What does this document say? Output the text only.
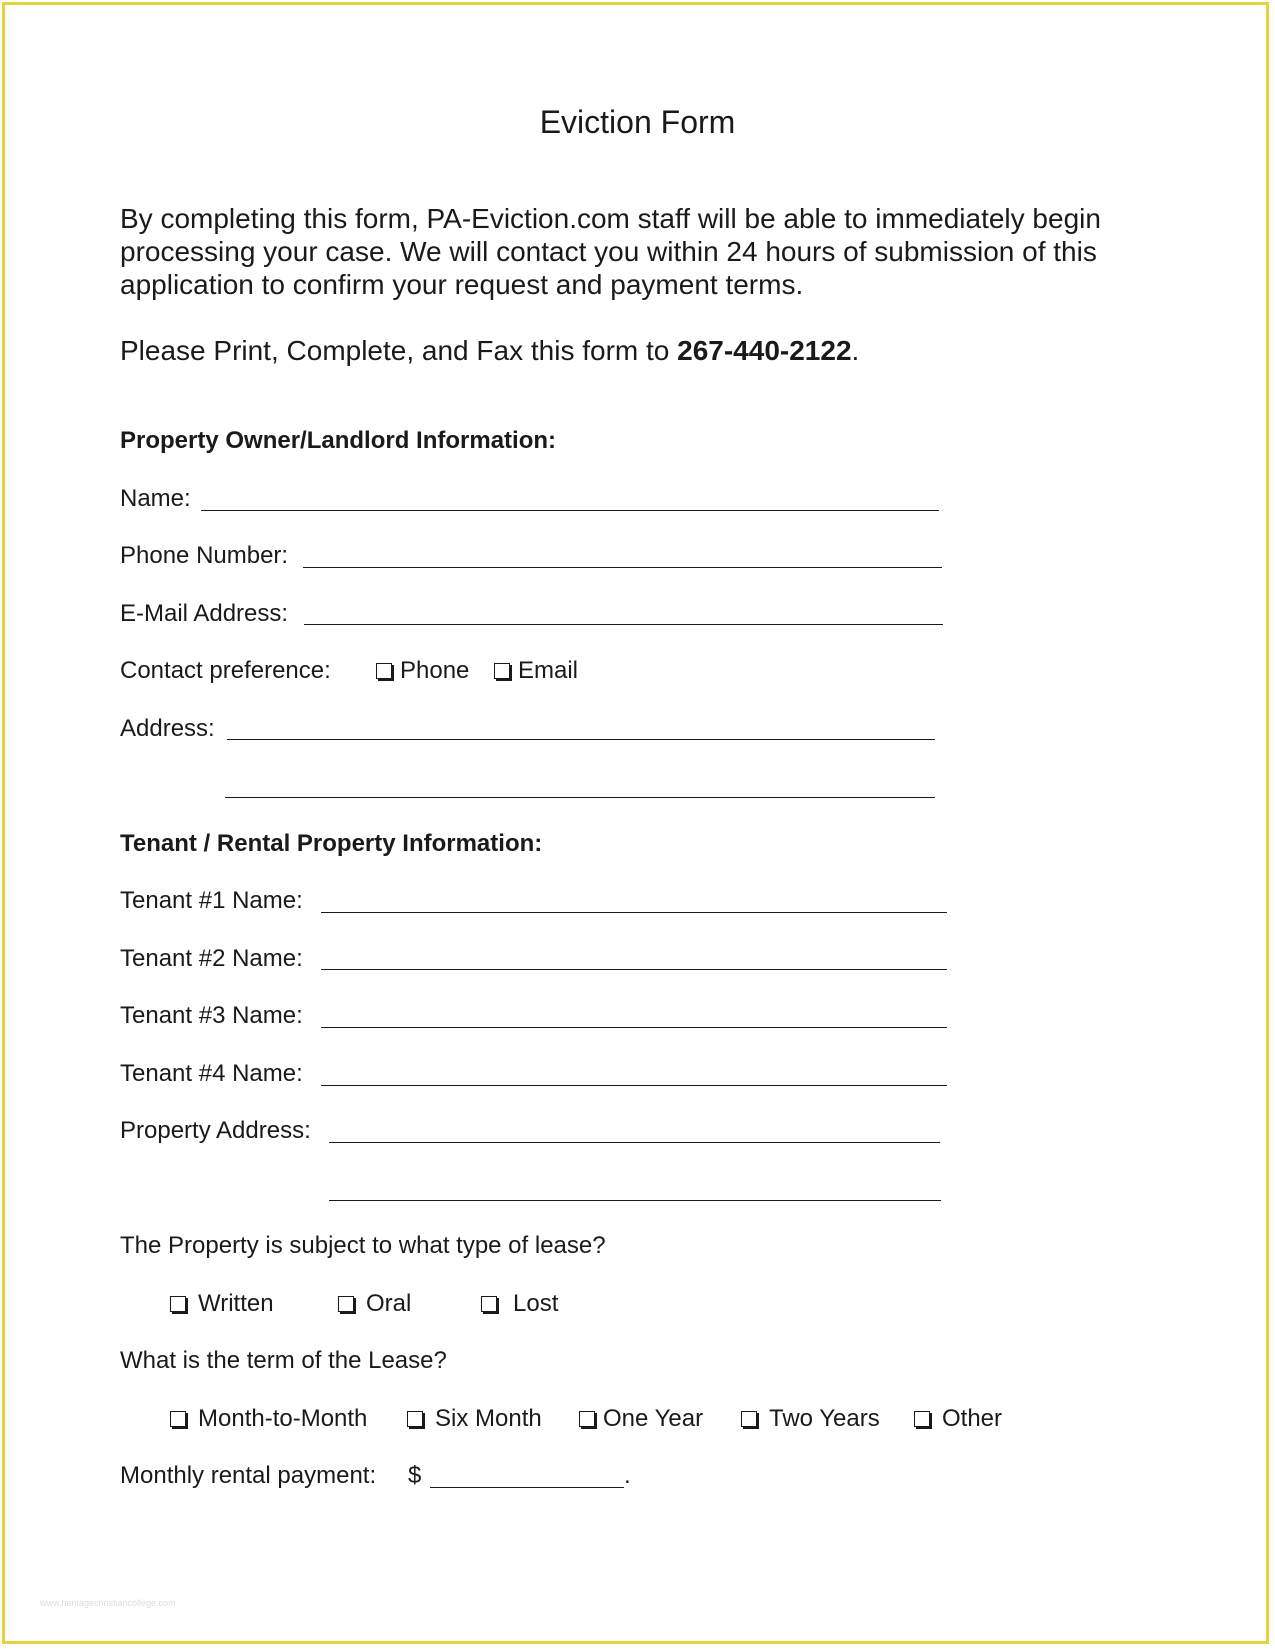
Eviction Form
By completing this form, PA-Eviction.com staff will be able to immediately begin processing your case. We will contact you within 24 hours of submission of this application to confirm your request and payment terms.
Please Print, Complete, and Fax this form to 267-440-2122.
Property Owner/Landlord Information:
Name:
Phone Number:
E-Mail Address:
Contact preference:	Phone	Email
Address:
Tenant / Rental Property Information:
Tenant #1 Name:
Tenant #2 Name:
Tenant #3 Name:
Tenant #4 Name:
Property Address:
The Property is subject to what type of lease?
Written	Oral	Lost
What is the term of the Lease?
Month-to-Month	Six Month	One Year	Two Years	Other
Monthly rental payment: $	.
www.heritagechristiancollege.com
